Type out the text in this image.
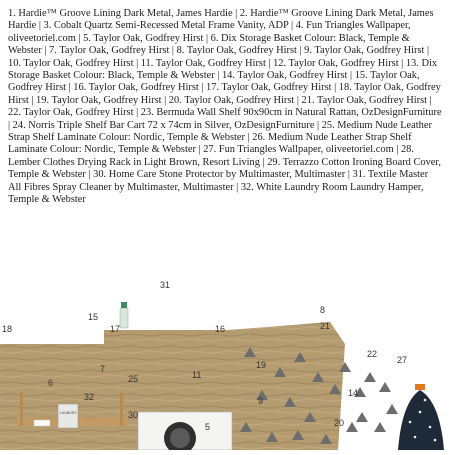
1. Hardie™ Groove Lining Dark Metal, James Hardie | 2. Hardie™ Groove Lining Dark Metal, James Hardie | 3. Cobalt Quartz Semi-Recessed Metal Frame Vanity, ADP | 4. Fun Triangles Wallpaper, oliveetoriel.com | 5. Taylor Oak, Godfrey Hirst | 6. Dix Storage Basket Colour: Black, Temple & Webster | 7. Taylor Oak, Godfrey Hirst | 8. Taylor Oak, Godfrey Hirst | 9. Taylor Oak, Godfrey Hirst | 10. Taylor Oak, Godfrey Hirst | 11. Taylor Oak, Godfrey Hirst | 12. Taylor Oak, Godfrey Hirst | 13. Dix Storage Basket Colour: Black, Temple & Webster | 14. Taylor Oak, Godfrey Hirst | 15. Taylor Oak, Godfrey Hirst | 16. Taylor Oak, Godfrey Hirst | 17. Taylor Oak, Godfrey Hirst | 18. Taylor Oak, Godfrey Hirst | 19. Taylor Oak, Godfrey Hirst | 20. Taylor Oak, Godfrey Hirst | 21. Taylor Oak, Godfrey Hirst | 22. Taylor Oak, Godfrey Hirst | 23. Bermuda Wall Shelf 90x90cm in Natural Rattan, OzDesignFurniture | 24. Norris Triple Shelf Bar Cart 72 x 74cm in Silver, OzDesignFurniture | 25. Medium Nude Leather Strap Shelf Laminate Colour: Nordic, Temple & Webster | 26. Medium Nude Leather Strap Shelf Laminate Colour: Nordic, Temple & Webster | 27. Fun Triangles Wallpaper, oliveetoriel.com | 28. Lember Clothes Drying Rack in Light Brown, Resort Living | 29. Terrazzo Cotton Ironing Board Cover, Temple & Webster | 30. Home Care Stone Protector by Multimaster, Multimaster | 31. Textile Master All Fibres Spray Cleaner by Multimaster, Multimaster | 32. White Laundry Room Laundry Hamper, Temple & Webster

LAUNDRY
31
15
17
18	16
8
21
22
27
7
25	11
19
6
32	14
9
30
5	20
